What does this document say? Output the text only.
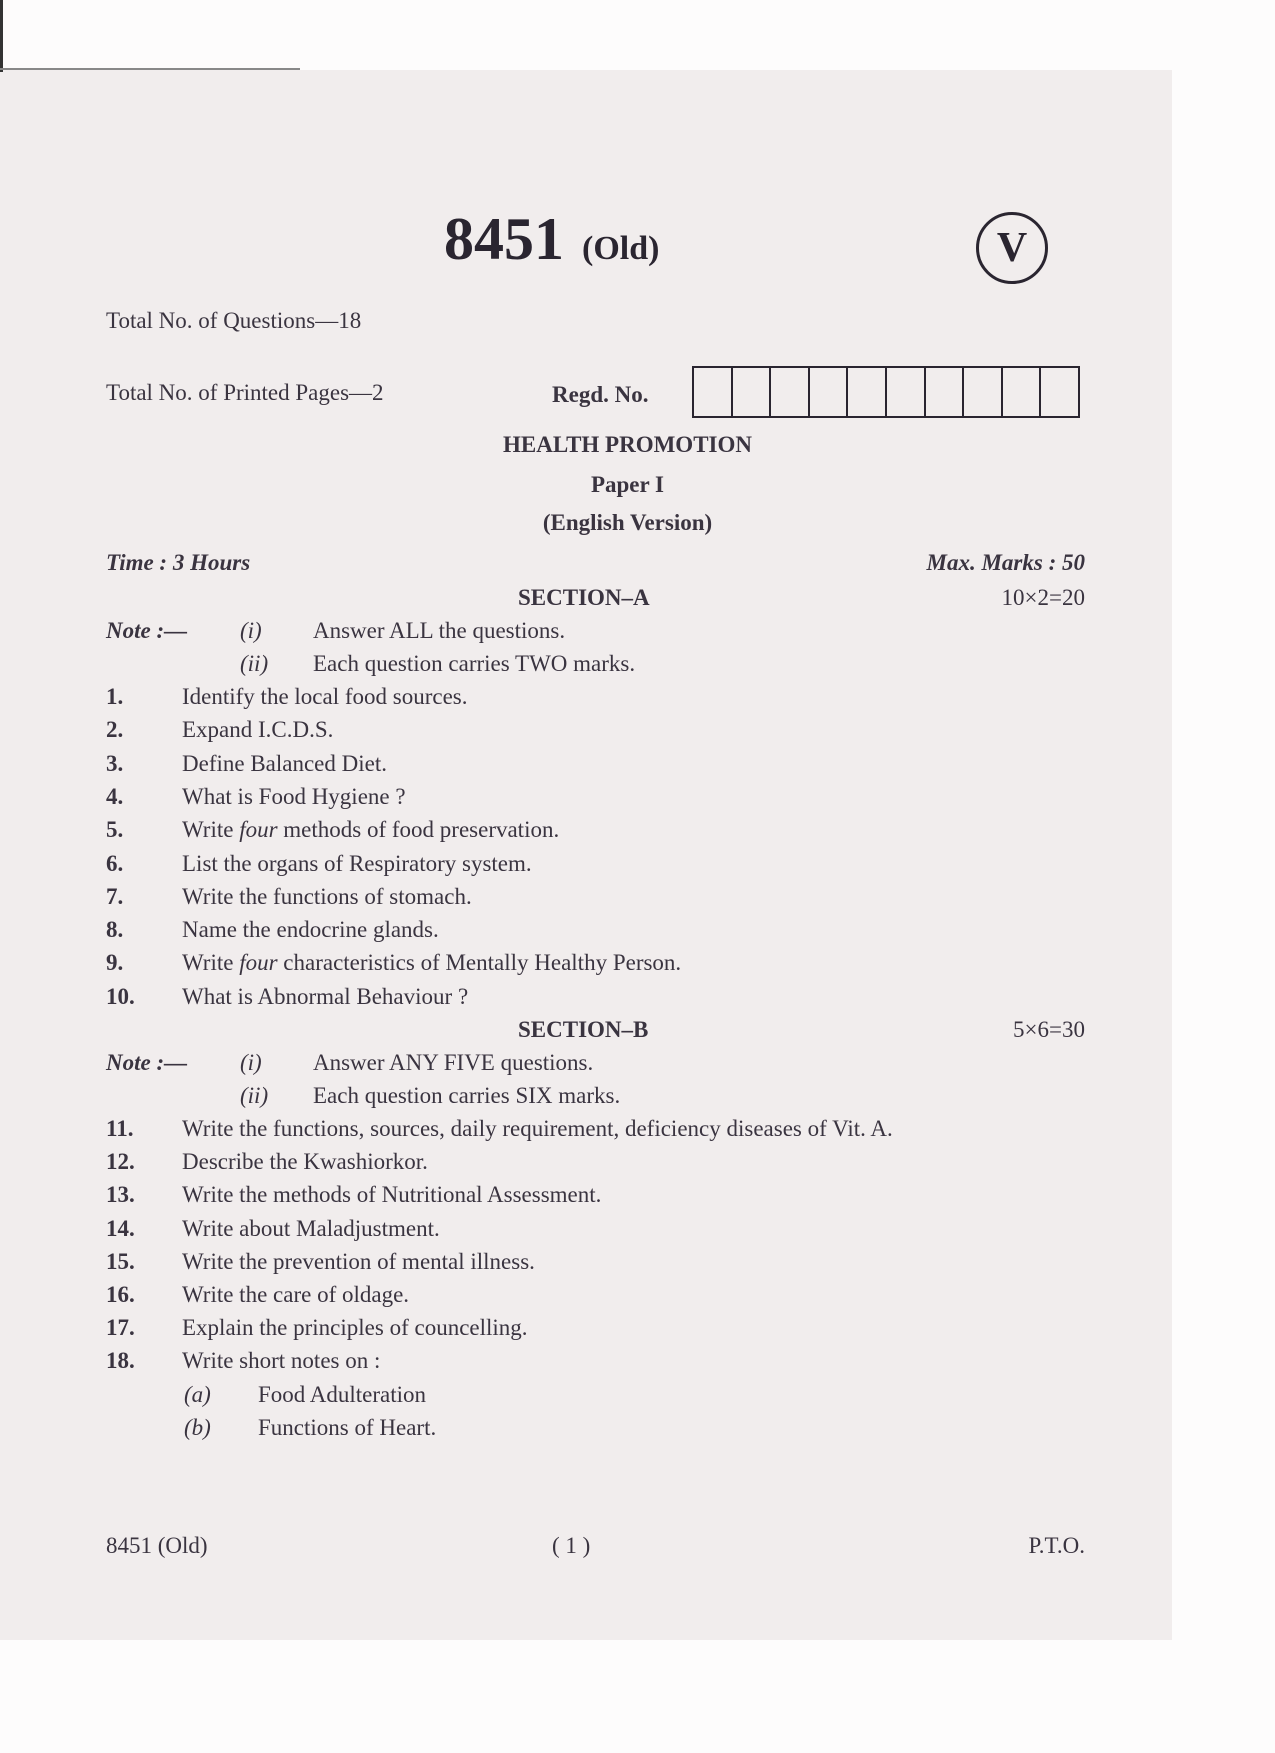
8451 (Old)	V
Total No. of Questions—18
Total No. of Printed Pages—2	Regd. No.
HEALTH PROMOTION
Paper I
(English Version)
Time : 3 Hours	Max. Marks : 50
SECTION–A	10×2=20
Note :— (i) Answer ALL the questions.
(ii) Each question carries TWO marks.
1.	Identify the local food sources.
2.	Expand I.C.D.S.
3.	Define Balanced Diet.
4.	What is Food Hygiene ?
5.	Write four methods of food preservation.
6.	List the organs of Respiratory system.
7.	Write the functions of stomach.
8.	Name the endocrine glands.
9.	Write four characteristics of Mentally Healthy Person.
10. What is Abnormal Behaviour ?
SECTION–B	5×6=30
Note :— (i) Answer ANY FIVE questions.
(ii) Each question carries SIX marks.
11. Write the functions, sources, daily requirement, deficiency diseases of Vit. A.
12. Describe the Kwashiorkor.
13. Write the methods of Nutritional Assessment.
14. Write about Maladjustment.
15. Write the prevention of mental illness.
16. Write the care of oldage.
17. Explain the principles of councelling.
18. Write short notes on :
(a) Food Adulteration
(b) Functions of Heart.
8451 (Old)	( 1 )	P.T.O.
